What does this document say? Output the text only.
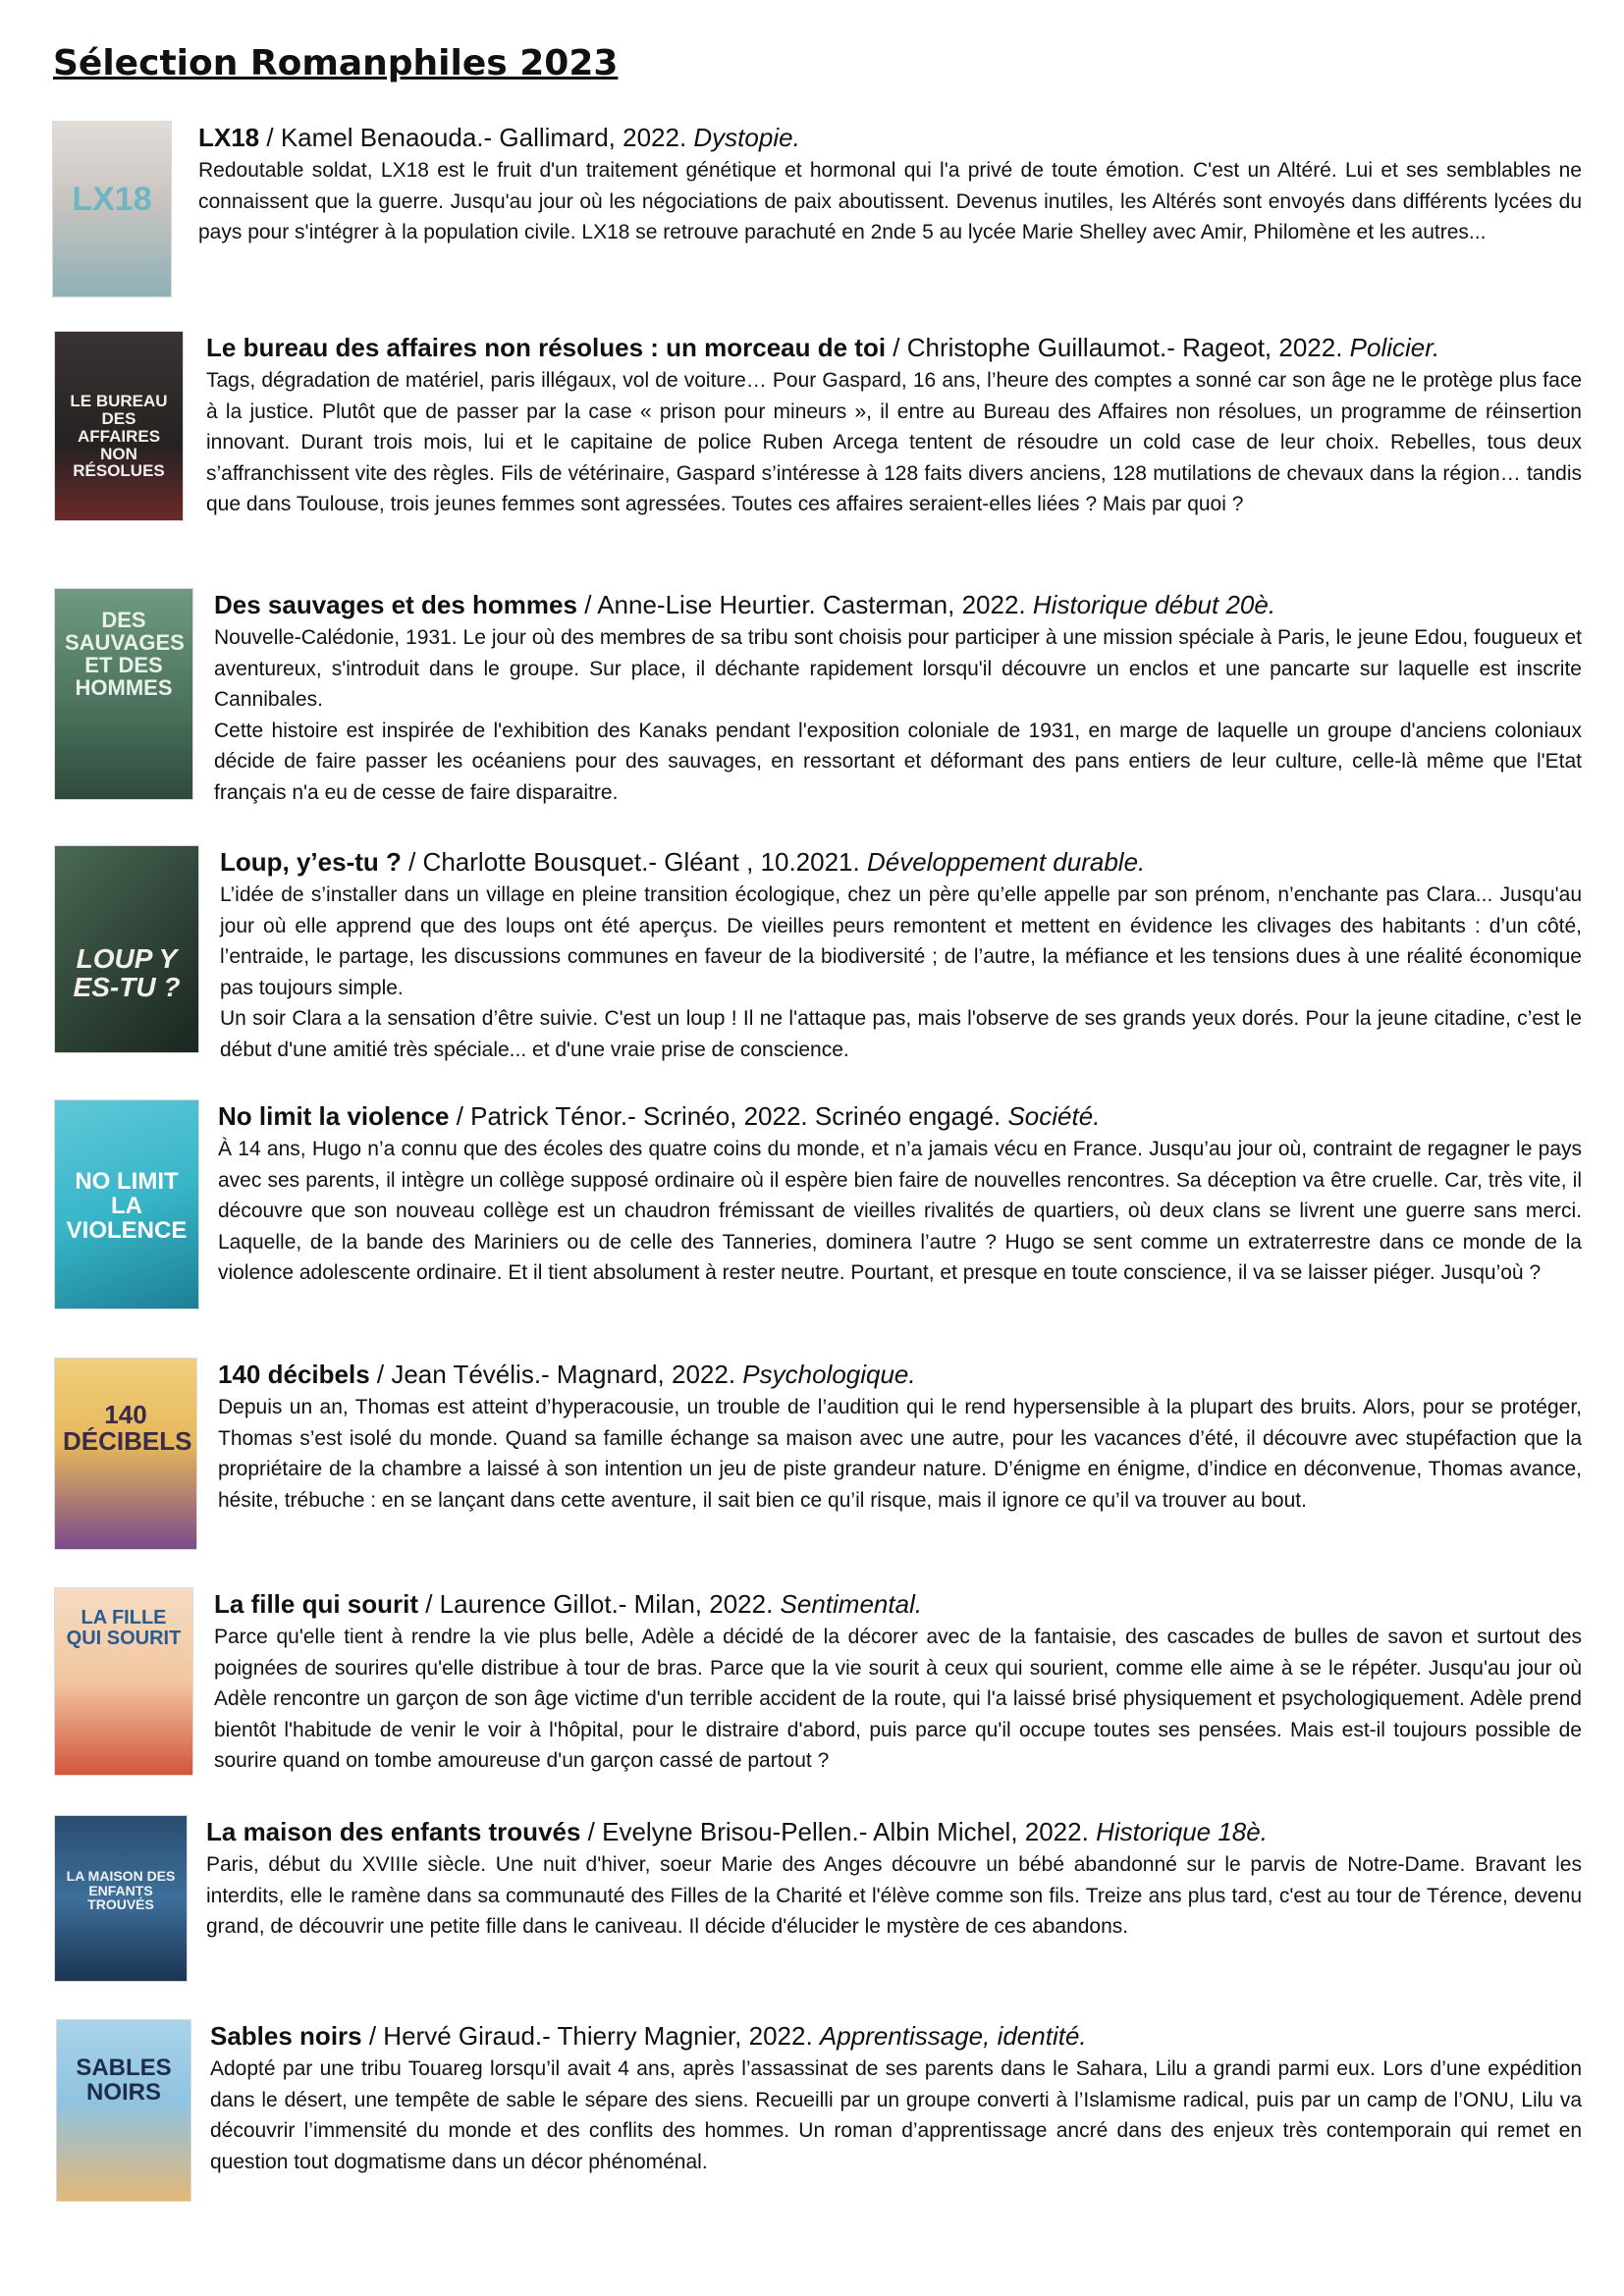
Sélection Romanphiles 2023
LX18
LX18 / Kamel Benaouda.- Gallimard, 2022. Dystopie.

Redoutable soldat, LX18 est le fruit d'un traitement génétique et hormonal qui l'a privé de toute émotion. C'est un Altéré. Lui et ses semblables ne connaissent que la guerre. Jusqu'au jour où les négociations de paix aboutissent. Devenus inutiles, les Altérés sont envoyés dans différents lycées du pays pour s'intégrer à la population civile. LX18 se retrouve parachuté en 2nde 5 au lycée Marie Shelley avec Amir, Philomène et les autres...

LE BUREAU DES AFFAIRES NON RÉSOLUES
Le bureau des affaires non résolues : un morceau de toi / Christophe Guillaumot.- Rageot, 2022. Policier.

Tags, dégradation de matériel, paris illégaux, vol de voiture… Pour Gaspard, 16 ans, l’heure des comptes a sonné car son âge ne le protège plus face à la justice. Plutôt que de passer par la case « prison pour mineurs », il entre au Bureau des Affaires non résolues, un programme de réinsertion innovant. Durant trois mois, lui et le capitaine de police Ruben Arcega tentent de résoudre un cold case de leur choix. Rebelles, tous deux s’affranchissent vite des règles. Fils de vétérinaire, Gaspard s’intéresse à 128 faits divers anciens, 128 mutilations de chevaux dans la région… tandis que dans Toulouse, trois jeunes femmes sont agressées. Toutes ces affaires seraient-elles liées ? Mais par quoi ?

DES SAUVAGES ET DES HOMMES
Des sauvages et des hommes / Anne-Lise Heurtier. Casterman, 2022. Historique début 20è.

Nouvelle-Calédonie, 1931. Le jour où des membres de sa tribu sont choisis pour participer à une mission spéciale à Paris, le jeune Edou, fougueux et aventureux, s'introduit dans le groupe. Sur place, il déchante rapidement lorsqu'il découvre un enclos et une pancarte sur laquelle est inscrite Cannibales.

Cette histoire est inspirée de l'exhibition des Kanaks pendant l'exposition coloniale de 1931, en marge de laquelle un groupe d'anciens coloniaux décide de faire passer les océaniens pour des sauvages, en ressortant et déformant des pans entiers de leur culture, celle-là même que l'Etat français n'a eu de cesse de faire disparaitre.

LOUP Y ES-TU ?
Loup, y’es-tu ? / Charlotte Bousquet.- Gléant , 10.2021. Développement durable.

L’idée de s’installer dans un village en pleine transition écologique, chez un père qu’elle appelle par son prénom, n’enchante pas Clara... Jusqu'au jour où elle apprend que des loups ont été aperçus. De vieilles peurs remontent et mettent en évidence les clivages des habitants : d’un côté, l’entraide, le partage, les discussions communes en faveur de la biodiversité ; de l’autre, la méfiance et les tensions dues à une réalité économique pas toujours simple.

Un soir Clara a la sensation d’être suivie. C'est un loup ! Il ne l'attaque pas, mais l'observe de ses grands yeux dorés. Pour la jeune citadine, c’est le début d'une amitié très spéciale... et d'une vraie prise de conscience.

NO LIMIT LA VIOLENCE
No limit la violence / Patrick Ténor.- Scrinéo, 2022. Scrinéo engagé. Société.

À 14 ans, Hugo n’a connu que des écoles des quatre coins du monde, et n’a jamais vécu en France. Jusqu’au jour où, contraint de regagner le pays avec ses parents, il intègre un collège supposé ordinaire où il espère bien faire de nouvelles rencontres. Sa déception va être cruelle. Car, très vite, il découvre que son nouveau collège est un chaudron frémissant de vieilles rivalités de quartiers, où deux clans se livrent une guerre sans merci. Laquelle, de la bande des Mariniers ou de celle des Tanneries, dominera l’autre ? Hugo se sent comme un extraterrestre dans ce monde de la violence adolescente ordinaire. Et il tient absolument à rester neutre. Pourtant, et presque en toute conscience, il va se laisser piéger. Jusqu’où ?

140 DÉCIBELS
140 décibels / Jean Tévélis.- Magnard, 2022. Psychologique.

Depuis un an, Thomas est atteint d’hyperacousie, un trouble de l’audition qui le rend hypersensible à la plupart des bruits. Alors, pour se protéger, Thomas s’est isolé du monde. Quand sa famille échange sa maison avec une autre, pour les vacances d’été, il découvre avec stupéfaction que la propriétaire de la chambre a laissé à son intention un jeu de piste grandeur nature. D’énigme en énigme, d’indice en déconvenue, Thomas avance, hésite, trébuche : en se lançant dans cette aventure, il sait bien ce qu’il risque, mais il ignore ce qu’il va trouver au bout.

LA FILLE QUI SOURIT
La fille qui sourit / Laurence Gillot.- Milan, 2022. Sentimental.

Parce qu'elle tient à rendre la vie plus belle, Adèle a décidé de la décorer avec de la fantaisie, des cascades de bulles de savon et surtout des poignées de sourires qu'elle distribue à tour de bras. Parce que la vie sourit à ceux qui sourient, comme elle aime à se le répéter. Jusqu'au jour où Adèle rencontre un garçon de son âge victime d'un terrible accident de la route, qui l'a laissé brisé physiquement et psychologiquement. Adèle prend bientôt l'habitude de venir le voir à l'hôpital, pour le distraire d'abord, puis parce qu'il occupe toutes ses pensées. Mais est-il toujours possible de sourire quand on tombe amoureuse d'un garçon cassé de partout ?

LA MAISON DES ENFANTS TROUVÉS
La maison des enfants trouvés / Evelyne Brisou-Pellen.- Albin Michel, 2022. Historique 18è.

Paris, début du XVIIIe siècle. Une nuit d'hiver, soeur Marie des Anges découvre un bébé abandonné sur le parvis de Notre-Dame. Bravant les interdits, elle le ramène dans sa communauté des Filles de la Charité et l'élève comme son fils. Treize ans plus tard, c'est au tour de Térence, devenu grand, de découvrir une petite fille dans le caniveau. Il décide d'élucider le mystère de ces abandons.

SABLES NOIRS
Sables noirs / Hervé Giraud.- Thierry Magnier, 2022. Apprentissage, identité.

Adopté par une tribu Touareg lorsqu’il avait 4 ans, après l’assassinat de ses parents dans le Sahara, Lilu a grandi parmi eux. Lors d’une expédition dans le désert, une tempête de sable le sépare des siens. Recueilli par un groupe converti à l’Islamisme radical, puis par un camp de l’ONU, Lilu va découvrir l’immensité du monde et des conflits des hommes. Un roman d’apprentissage ancré dans des enjeux très contemporain qui remet en question tout dogmatisme dans un décor phénoménal.
